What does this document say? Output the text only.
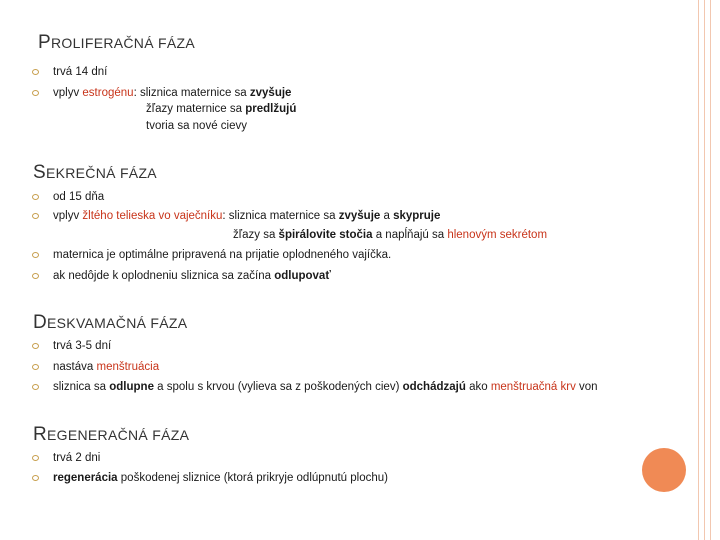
PROLIFERAČNÁ FÁZA
trvá 14 dní
vplyv estrogénu: sliznica maternice sa zvyšuje
žľazy maternice sa predlžujú
tvoria sa nové cievy
SEKREČNÁ FÁZA
od 15 dňa
vplyv žltého telieska vo vaječníku: sliznica maternice sa zvyšuje a skypruje
žľazy sa špirálovite stočia a napĺňajú sa hlenovým sekrétom
maternica je optimálne pripravená na prijatie oplodneného vajíčka.
ak nedôjde k oplodneniu sliznica sa začína odlupovať
DESKVAMAČNÁ FÁZA
trvá 3-5 dní
nastáva menštruácia
sliznica sa odlupne a spolu s krvou (vylieva sa z poškodených ciev) odchádzajú ako menštruačná krv von
REGENERAČNÁ FÁZA
trvá 2 dni
regenerácia poškodenej sliznice (ktorá prikryje odlúpnutú plochu)
